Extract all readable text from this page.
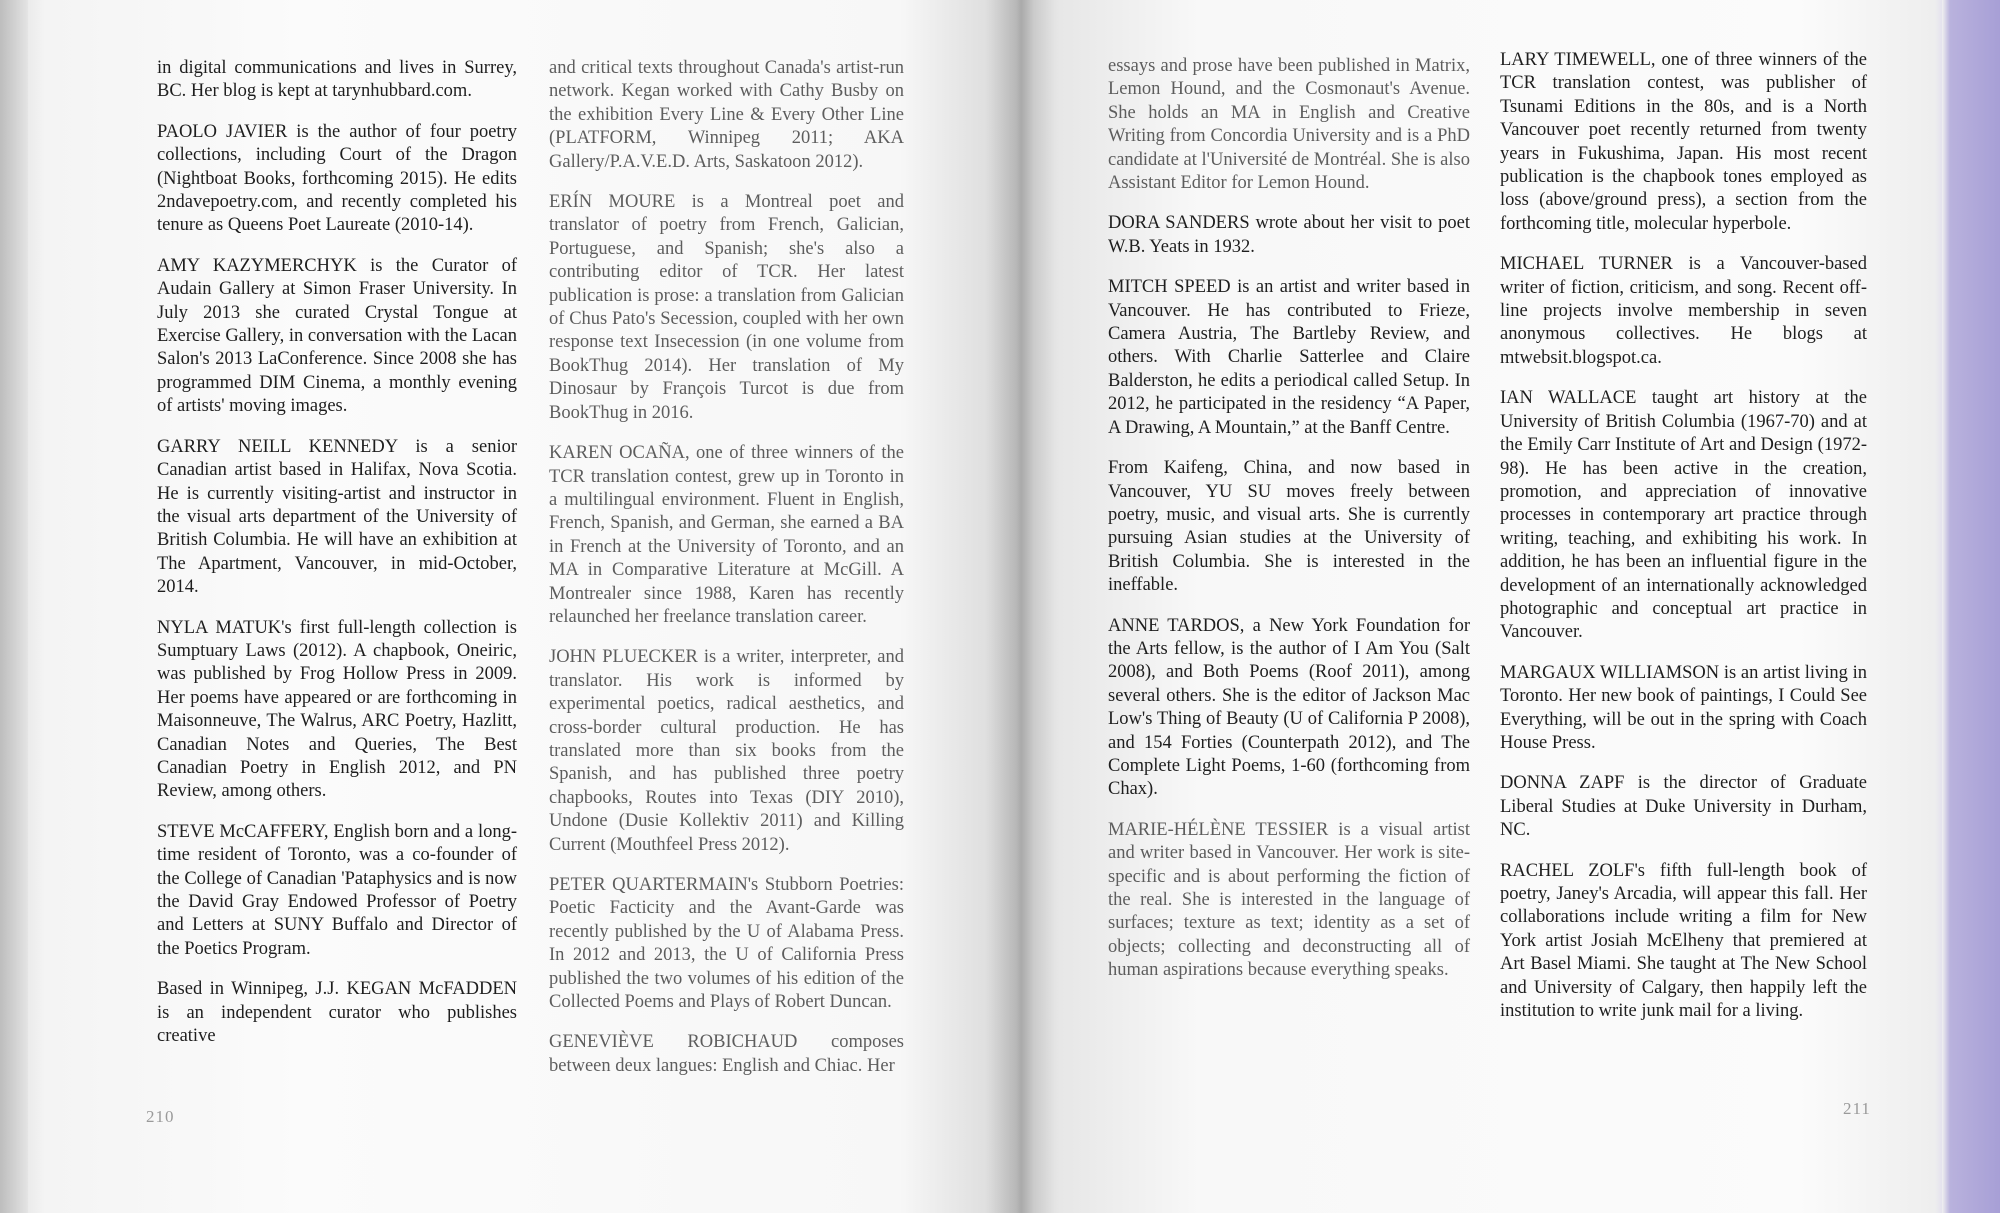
in digital communications and lives in Surrey, BC. Her blog is kept at tarynhubbard.com.

PAOLO JAVIER is the author of four poetry collections, including Court of the Dragon (Nightboat Books, forthcoming 2015). He edits 2ndavepoetry.com, and recently completed his tenure as Queens Poet Laureate (2010-14).

AMY KAZYMERCHYK is the Curator of Audain Gallery at Simon Fraser University. In July 2013 she curated Crystal Tongue at Exercise Gallery, in conversation with the Lacan Salon's 2013 LaConference. Since 2008 she has programmed DIM Cinema, a monthly evening of artists' moving images.

GARRY NEILL KENNEDY is a senior Canadian artist based in Halifax, Nova Scotia. He is currently visiting-artist and instructor in the visual arts department of the University of British Columbia. He will have an exhibition at The Apartment, Vancouver, in mid-October, 2014.

NYLA MATUK's first full-length collection is Sumptuary Laws (2012). A chapbook, Oneiric, was published by Frog Hollow Press in 2009. Her poems have appeared or are forthcoming in Maisonneuve, The Walrus, ARC Poetry, Hazlitt, Canadian Notes and Queries, The Best Canadian Poetry in English 2012, and PN Review, among others.

STEVE McCAFFERY, English born and a long-time resident of Toronto, was a co-founder of the College of Canadian 'Pataphysics and is now the David Gray Endowed Professor of Poetry and Letters at SUNY Buffalo and Director of the Poetics Program.

Based in Winnipeg, J.J. KEGAN McFADDEN is an independent curator who publishes creative

and critical texts throughout Canada's artist-run network. Kegan worked with Cathy Busby on the exhibition Every Line & Every Other Line (PLATFORM, Winnipeg 2011; AKA Gallery/P.A.V.E.D. Arts, Saskatoon 2012).

ERÍN MOURE is a Montreal poet and translator of poetry from French, Galician, Portuguese, and Spanish; she's also a contributing editor of TCR. Her latest publication is prose: a translation from Galician of Chus Pato's Secession, coupled with her own response text Insecession (in one volume from BookThug 2014). Her translation of My Dinosaur by François Turcot is due from BookThug in 2016.

KAREN OCAÑA, one of three winners of the TCR translation contest, grew up in Toronto in a multilingual environment. Fluent in English, French, Spanish, and German, she earned a BA in French at the University of Toronto, and an MA in Comparative Literature at McGill. A Montrealer since 1988, Karen has recently relaunched her freelance translation career.

JOHN PLUECKER is a writer, interpreter, and translator. His work is informed by experimental poetics, radical aesthetics, and cross-border cultural production. He has translated more than six books from the Spanish, and has published three poetry chapbooks, Routes into Texas (DIY 2010), Undone (Dusie Kollektiv 2011) and Killing Current (Mouthfeel Press 2012).

PETER QUARTERMAIN's Stubborn Poetries: Poetic Facticity and the Avant-Garde was recently published by the U of Alabama Press. In 2012 and 2013, the U of California Press published the two volumes of his edition of the Collected Poems and Plays of Robert Duncan.

GENEVIÈVE ROBICHAUD composes between deux langues: English and Chiac. Her

210

essays and prose have been published in Matrix, Lemon Hound, and the Cosmonaut's Avenue. She holds an MA in English and Creative Writing from Concordia University and is a PhD candidate at l'Université de Montréal. She is also Assistant Editor for Lemon Hound.

DORA SANDERS wrote about her visit to poet W.B. Yeats in 1932.

MITCH SPEED is an artist and writer based in Vancouver. He has contributed to Frieze, Camera Austria, The Bartleby Review, and others. With Charlie Satterlee and Claire Balderston, he edits a periodical called Setup. In 2012, he participated in the residency “A Paper, A Drawing, A Mountain,” at the Banff Centre.

From Kaifeng, China, and now based in Vancouver, YU SU moves freely between poetry, music, and visual arts. She is currently pursuing Asian studies at the University of British Columbia. She is interested in the ineffable.

ANNE TARDOS, a New York Foundation for the Arts fellow, is the author of I Am You (Salt 2008), and Both Poems (Roof 2011), among several others. She is the editor of Jackson Mac Low's Thing of Beauty (U of California P 2008), and 154 Forties (Counterpath 2012), and The Complete Light Poems, 1-60 (forthcoming from Chax).

MARIE-HÉLÈNE TESSIER is a visual artist and writer based in Vancouver. Her work is site-specific and is about performing the fiction of the real. She is interested in the language of surfaces; texture as text; identity as a set of objects; collecting and deconstructing all of human aspirations because everything speaks.

LARY TIMEWELL, one of three winners of the TCR translation contest, was publisher of Tsunami Editions in the 80s, and is a North Vancouver poet recently returned from twenty years in Fukushima, Japan. His most recent publication is the chapbook tones employed as loss (above/ground press), a section from the forthcoming title, molecular hyperbole.

MICHAEL TURNER is a Vancouver-based writer of fiction, criticism, and song. Recent off-line projects involve membership in seven anonymous collectives. He blogs at mtwebsit.blogspot.ca.

IAN WALLACE taught art history at the University of British Columbia (1967-70) and at the Emily Carr Institute of Art and Design (1972-98). He has been active in the creation, promotion, and appreciation of innovative processes in contemporary art practice through writing, teaching, and exhibiting his work. In addition, he has been an influential figure in the development of an internationally acknowledged photographic and conceptual art practice in Vancouver.

MARGAUX WILLIAMSON is an artist living in Toronto. Her new book of paintings, I Could See Everything, will be out in the spring with Coach House Press.

DONNA ZAPF is the director of Graduate Liberal Studies at Duke University in Durham, NC.

RACHEL ZOLF's fifth full-length book of poetry, Janey's Arcadia, will appear this fall. Her collaborations include writing a film for New York artist Josiah McElheny that premiered at Art Basel Miami. She taught at The New School and University of Calgary, then happily left the institution to write junk mail for a living.

211
